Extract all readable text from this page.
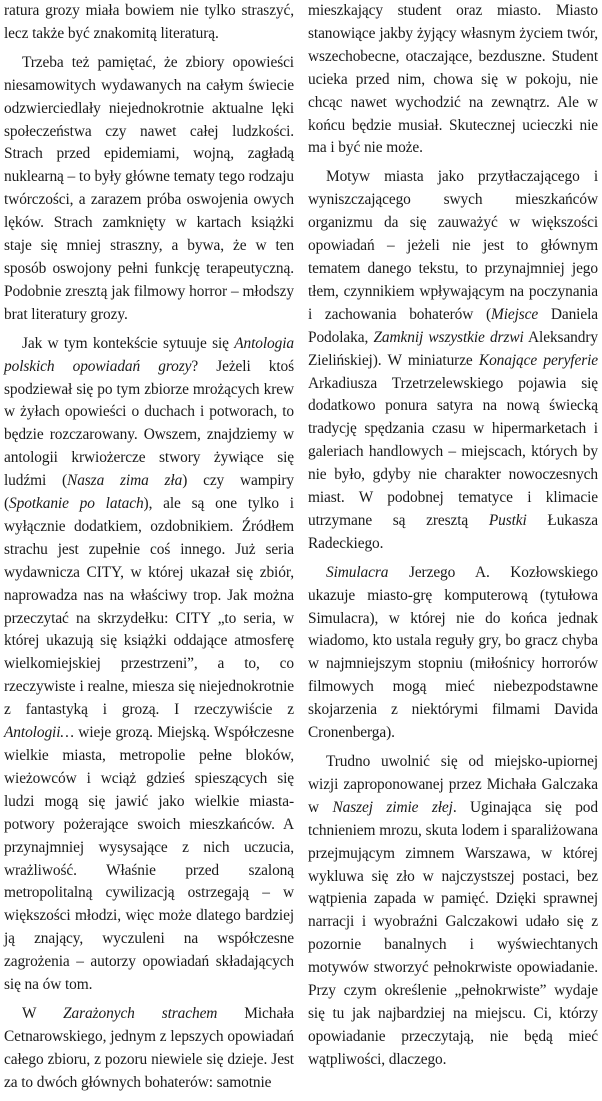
ratura grozy miała bowiem nie tylko straszyć, lecz także być znakomitą literaturą.

Trzeba też pamiętać, że zbiory opowieści niesamowitych wydawanych na całym świecie odzwierciedlały niejednokrotnie aktualne lęki społeczeństwa czy nawet całej ludzkości. Strach przed epidemiami, wojną, zagładą nuklearną – to były główne tematy tego rodzaju twórczości, a zarazem próba oswojenia owych lęków. Strach zamknięty w kartach książki staje się mniej straszny, a bywa, że w ten sposób oswojony pełni funkcję terapeutyczną. Podobnie zresztą jak filmowy horror – młodszy brat literatury grozy.

Jak w tym kontekście sytuuje się Antologia polskich opowiadań grozy? Jeżeli ktoś spodziewał się po tym zbiorze mrożących krew w żyłach opowieści o duchach i potworach, to będzie rozczarowany. Owszem, znajdziemy w antologii krwiożercze stwory żywiące się ludźmi (Nasza zima zła) czy wampiry (Spotkanie po latach), ale są one tylko i wyłącznie dodatkiem, ozdobnikiem. Źródłem strachu jest zupełnie coś innego. Już seria wydawnicza CITY, w której ukazał się zbiór, naprowadza nas na właściwy trop. Jak można przeczytać na skrzydełku: CITY „to seria, w której ukazują się książki oddające atmosferę wielkomiejskiej przestrzeni”, a to, co rzeczywiste i realne, miesza się niejednokrotnie z fantastyką i grozą. I rzeczywiście z Antologii… wieje grozą. Miejską. Współczesne wielkie miasta, metropolie pełne bloków, wieżowców i wciąż gdzieś spieszących się ludzi mogą się jawić jako wielkie miasta-potwory pożerające swoich mieszkańców. A przynajmniej wysysające z nich uczucia, wrażliwość. Właśnie przed szaloną metropolitalną cywilizacją ostrzegają – w większości młodzi, więc może dlatego bardziej ją znający, wyczuleni na współczesne zagrożenia – autorzy opowiadań składających się na ów tom.

W Zarażonych strachem Michała Cetnarowskiego, jednym z lepszych opowiadań całego zbioru, z pozoru niewiele się dzieje. Jest za to dwóch głównych bohaterów: samotnie

mieszkający student oraz miasto. Miasto stanowiące jakby żyjący własnym życiem twór, wszechobecne, otaczające, bezduszne. Student ucieka przed nim, chowa się w pokoju, nie chcąc nawet wychodzić na zewnątrz. Ale w końcu będzie musiał. Skutecznej ucieczki nie ma i być nie może.

Motyw miasta jako przytłaczającego i wyniszczającego swych mieszkańców organizmu da się zauważyć w większości opowiadań – jeżeli nie jest to głównym tematem danego tekstu, to przynajmniej jego tłem, czynnikiem wpływającym na poczynania i zachowania bohaterów (Miejsce Daniela Podolaka, Zamknij wszystkie drzwi Aleksandry Zielińskiej). W miniaturze Konające peryferie Arkadiusza Trzetrzelewskiego pojawia się dodatkowo ponura satyra na nową świecką tradycję spędzania czasu w hipermarketach i galeriach handlowych – miejscach, których by nie było, gdyby nie charakter nowoczesnych miast. W podobnej tematyce i klimacie utrzymane są zresztą Pustki Łukasza Radeckiego.

Simulacra Jerzego A. Kozłowskiego ukazuje miasto-grę komputerową (tytułowa Simulacra), w której nie do końca jednak wiadomo, kto ustala reguły gry, bo gracz chyba w najmniejszym stopniu (miłośnicy horrorów filmowych mogą mieć niebezpodstawne skojarzenia z niektórymi filmami Davida Cronenberga).

Trudno uwolnić się od miejsko-upiornej wizji zaproponowanej przez Michała Galczaka w Naszej zimie złej. Uginająca się pod tchnieniem mrozu, skuta lodem i sparaliżowana przejmującym zimnem Warszawa, w której wykluwa się zło w najczystszej postaci, bez wątpienia zapada w pamięć. Dzięki sprawnej narracji i wyobraźni Galczakowi udało się z pozornie banalnych i wyświechtanych motywów stworzyć pełnokrwiste opowiadanie. Przy czym określenie „pełnokrwiste” wydaje się tu jak najbardziej na miejscu. Ci, którzy opowiadanie przeczytają, nie będą mieć wątpliwości, dlaczego.
